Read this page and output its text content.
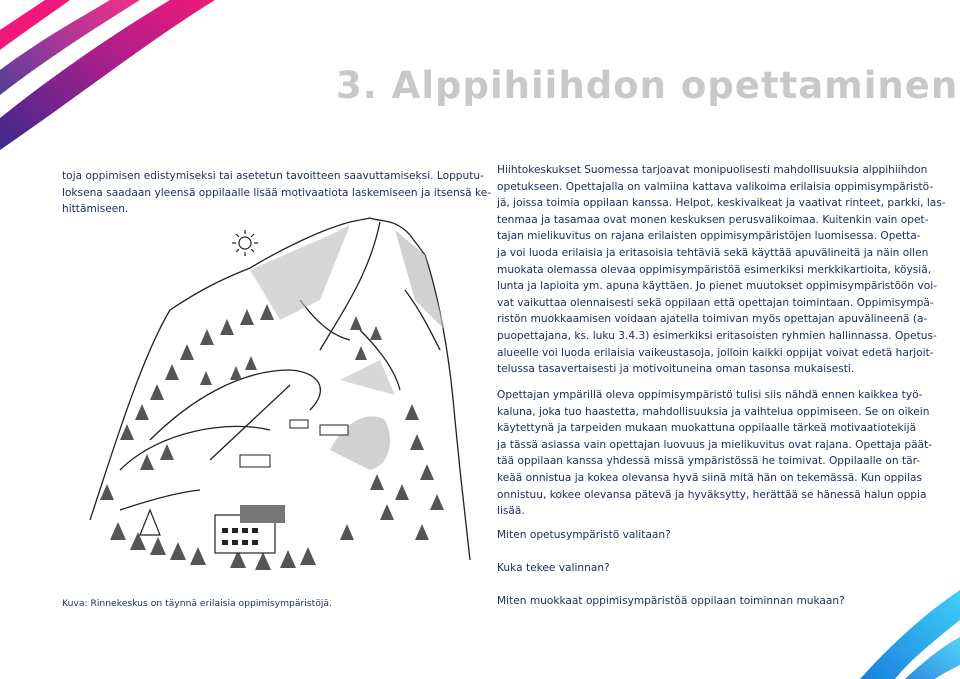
3. Alppihiihdon opettaminen
toja oppimisen edistymiseksi tai asetetun tavoitteen saavuttamiseksi. Lopputu-
loksena saadaan yleensä oppilaalle lisää motivaatiota laskemiseen ja itsensä ke-
hittämiseen.
Hiihtokeskukset Suomessa tarjoavat monipuolisesti mahdollisuuksia alppihiihdon
opetukseen. Opettajalla on valmiina kattava valikoima erilaisia oppimisympäristö-
jä, joissa toimia oppilaan kanssa. Helpot, keskivaikeat ja vaativat rinteet, parkki, las-
tenmaa ja tasamaa ovat monen keskuksen perusvalikoimaa. Kuitenkin vain opet-
tajan mielikuvitus on rajana erilaisten oppimisympäristöjen luomisessa. Opetta-
ja voi luoda erilaisia ja eritasoisia tehtäviä sekä käyttää apuvälineitä ja näin ollen
muokata olemassa olevaa oppimisympäristöä esimerkiksi merkkikartioita, köysiä,
lunta ja lapioita ym. apuna käyttäen. Jo pienet muutokset oppimisympäristöön voi-
vat vaikuttaa olennaisesti sekä oppilaan että opettajan toimintaan. Oppimisympä-
ristön muokkaamisen voidaan ajatella toimivan myös opettajan apuvälineenä (a-
puopettajana, ks. luku 3.4.3) esimerkiksi eritasoisten ryhmien hallinnassa. Opetus-
alueelle voi luoda erilaisia vaikeustasoja, jolloin kaikki oppijat voivat edetä harjoit-
telussa tasavertaisesti ja motivoituneina oman tasonsa mukaisesti.
Opettajan ympärillä oleva oppimisympäristö tulisi siis nähdä ennen kaikkea työ-
kaluna, joka tuo haastetta, mahdollisuuksia ja vaihtelua oppimiseen. Se on oikein
käytettynä ja tarpeiden mukaan muokattuna oppilaalle tärkeä motivaatiotekijä
ja tässä asiassa vain opettajan luovuus ja mielikuvitus ovat rajana. Opettaja päät-
tää oppilaan kanssa yhdessä missä ympäristössä he toimivat. Oppilaalle on tär-
keää onnistua ja kokea olevansa hyvä siinä mitä hän on tekemässä. Kun oppilas
onnistuu, kokee olevansa pätevä ja hyväksytty, herättää se hänessä halun oppia
lisää.
Miten opetusympäristö valitaan?
Kuka tekee valinnan?
Miten muokkaat oppimisympäristöä oppilaan toiminnan mukaan?
Kuva: Rinnekeskus on täynnä erilaisia oppimisympäristöjä.
